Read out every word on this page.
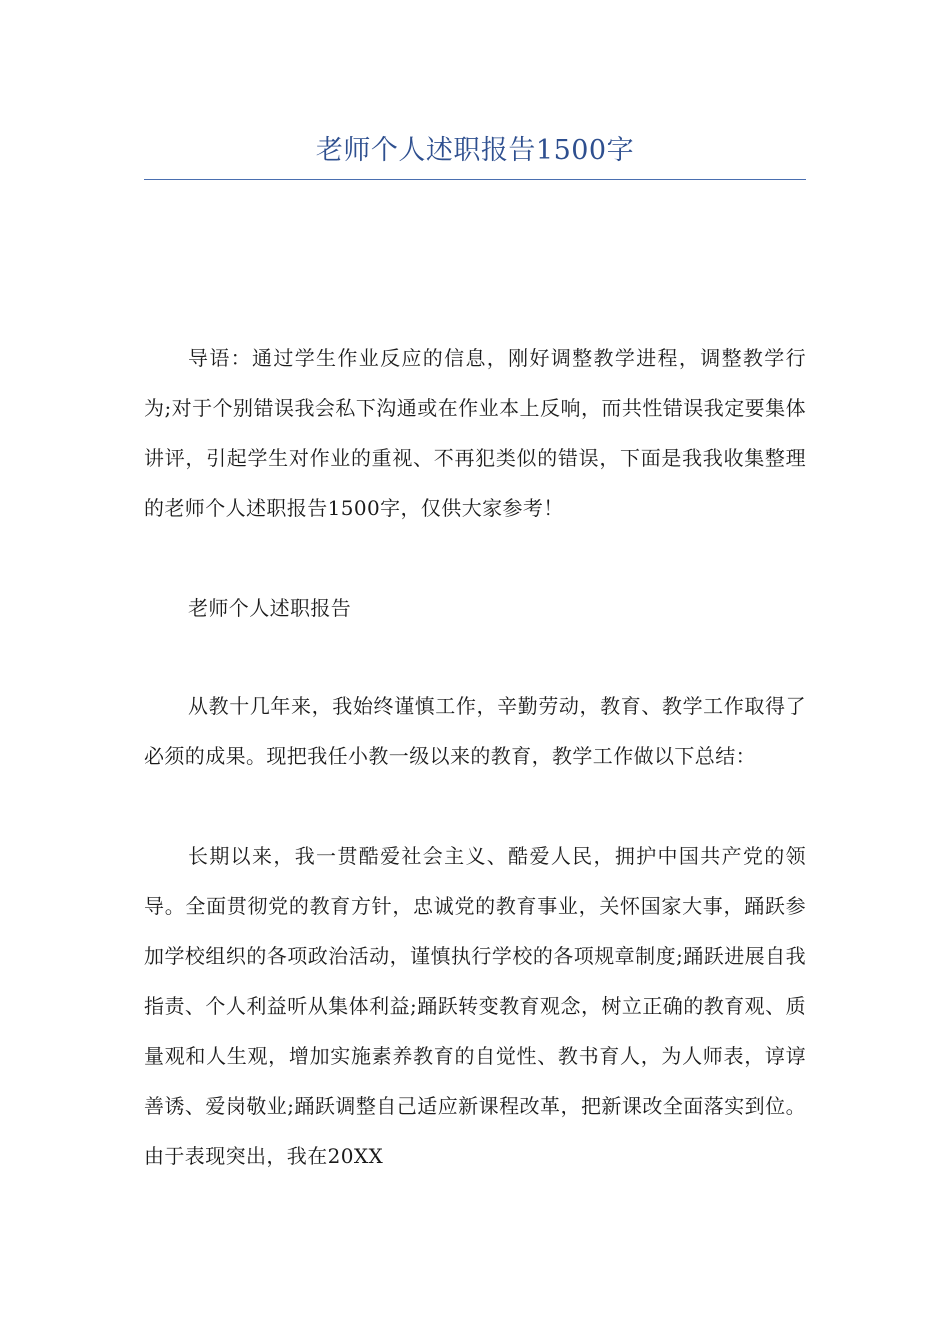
老师个人述职报告1500字

导语：通过学生作业反应的信息，刚好调整教学进程，调整教学行为;对于个别错误我会私下沟通或在作业本上反响，而共性错误我定要集体讲评，引起学生对作业的重视、不再犯类似的错误，下面是我我收集整理的老师个人述职报告1500字，仅供大家参考！

老师个人述职报告

从教十几年来，我始终谨慎工作，辛勤劳动，教育、教学工作取得了必须的成果。现把我任小教一级以来的教育，教学工作做以下总结：

长期以来，我一贯酷爱社会主义、酷爱人民，拥护中国共产党的领导。全面贯彻党的教育方针，忠诚党的教育事业，关怀国家大事，踊跃参加学校组织的各项政治活动，谨慎执行学校的各项规章制度;踊跃进展自我指责、个人利益听从集体利益;踊跃转变教育观念，树立正确的教育观、质量观和人生观，增加实施素养教育的自觉性、教书育人，为人师表，谆谆善诱、爱岗敬业;踊跃调整自己适应新课程改革，把新课改全面落实到位。由于表现突出，我在20XX
